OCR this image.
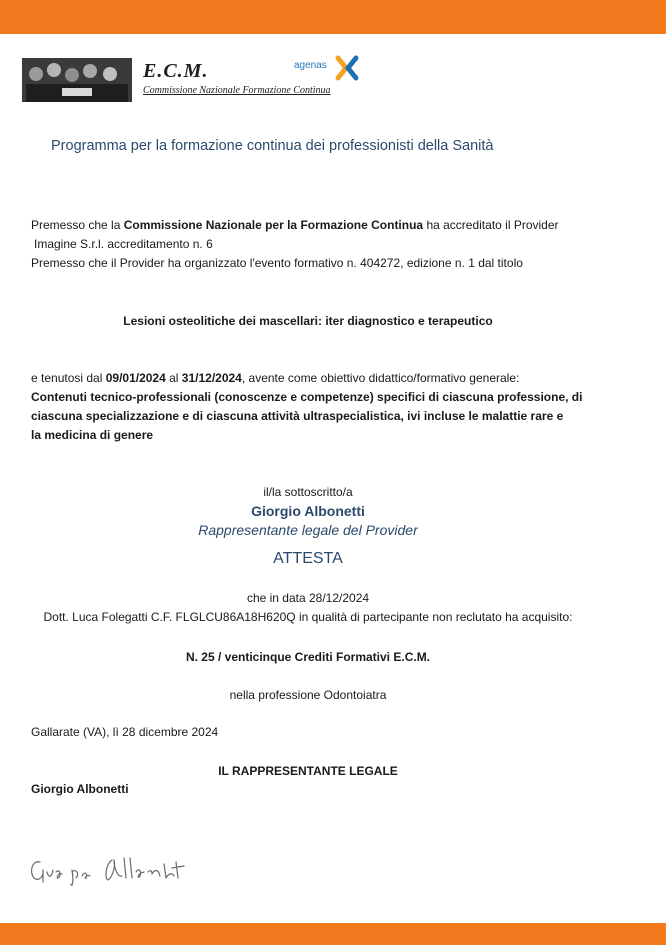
E.C.M.
Commissione Nazionale Formazione Continua
agenas
Programma per la formazione continua dei professionisti della Sanità
Premesso che la Commissione Nazionale per la Formazione Continua ha accreditato il Provider
Imagine S.r.l. accreditamento n. 6
Premesso che il Provider ha organizzato l'evento formativo n. 404272, edizione n. 1 dal titolo
Lesioni osteolitiche dei mascellari: iter diagnostico e terapeutico
e tenutosi dal 09/01/2024 al 31/12/2024, avente come obiettivo didattico/formativo generale:
Contenuti tecnico-professionali (conoscenze e competenze) specifici di ciascuna professione, di
ciascuna specializzazione e di ciascuna attività ultraspecialistica, ivi incluse le malattie rare e
la medicina di genere
il/la sottoscritto/a
Giorgio Albonetti
Rappresentante legale del Provider
ATTESTA
che in data 28/12/2024
Dott. Luca Folegatti C.F. FLGLCU86A18H620Q in qualità di partecipante non reclutato ha acquisito:
N. 25 / venticinque Crediti Formativi E.C.M.
nella professione Odontoiatra
Gallarate (VA), lì 28 dicembre 2024
IL RAPPRESENTANTE LEGALE
Giorgio Albonetti
